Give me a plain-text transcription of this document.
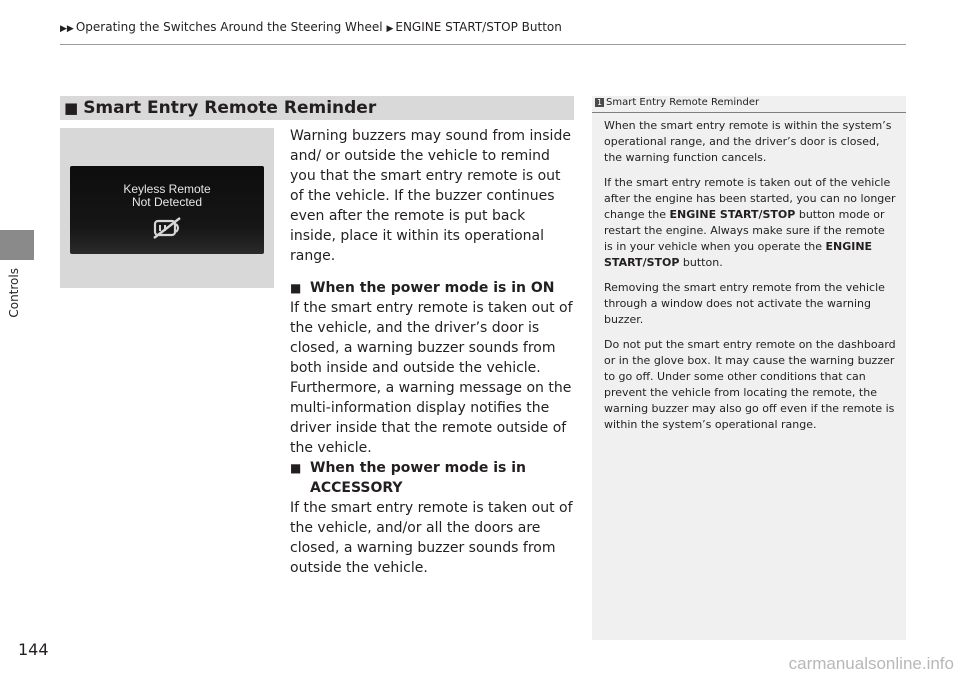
▶▶ Operating the Switches Around the Steering Wheel ▶ ENGINE START/STOP Button
Controls
■ Smart Entry Remote Reminder
Keyless Remote
Not Detected

Warning buzzers may sound from inside and/ or outside the vehicle to remind you that the smart entry remote is out of the vehicle. If the buzzer continues even after the remote is put back inside, place it within its operational range.

■ When the power mode is in ON

If the smart entry remote is taken out of the vehicle, and the driver’s door is closed, a warning buzzer sounds from both inside and outside the vehicle. Furthermore, a warning message on the multi-information display notifies the driver inside that the remote outside of the vehicle.

■ When the power mode is in ACCESSORY

If the smart entry remote is taken out of the vehicle, and/or all the doors are closed, a warning buzzer sounds from outside the vehicle.

1 Smart Entry Remote Reminder

When the smart entry remote is within the system’s operational range, and the driver’s door is closed, the warning function cancels.

If the smart entry remote is taken out of the vehicle after the engine has been started, you can no longer change the ENGINE START/STOP button mode or restart the engine. Always make sure if the remote is in your vehicle when you operate the ENGINE START/STOP button.

Removing the smart entry remote from the vehicle through a window does not activate the warning buzzer.

Do not put the smart entry remote on the dashboard or in the glove box. It may cause the warning buzzer to go off. Under some other conditions that can prevent the vehicle from locating the remote, the warning buzzer may also go off even if the remote is within the system’s operational range.

144
carmanualsonline.info
